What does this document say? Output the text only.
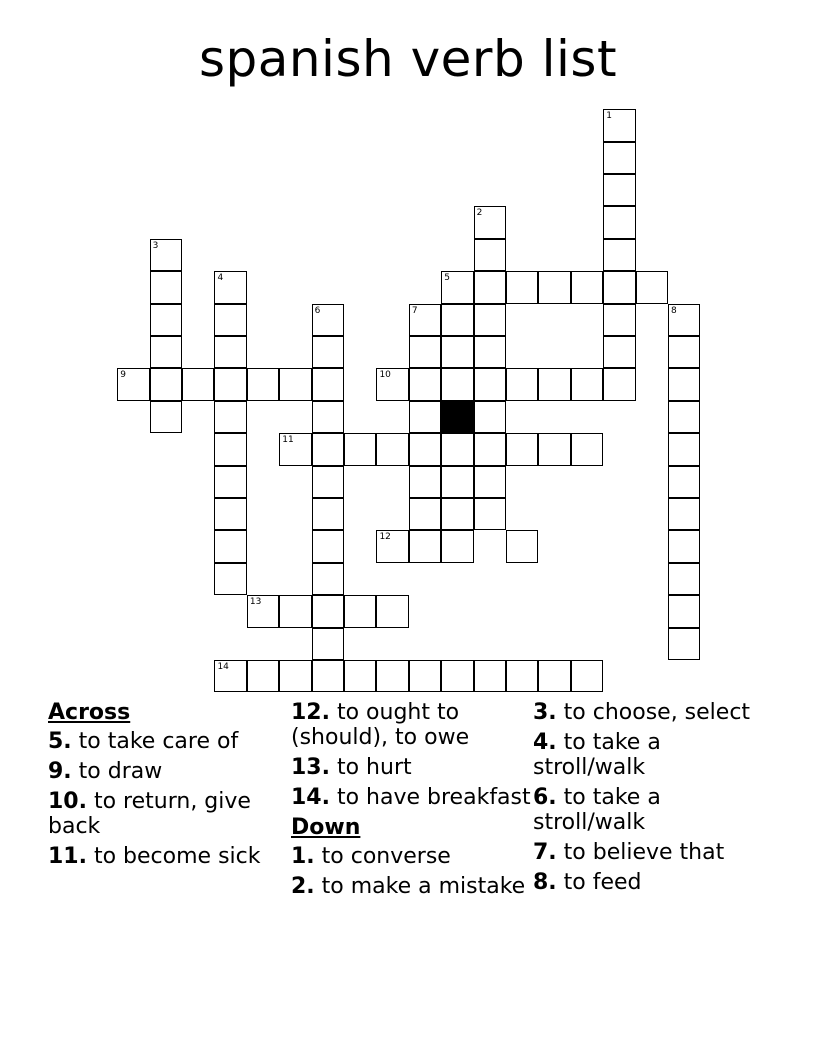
spanish verb list
1
2
3
4	5
6	7	8
9	10
11
12
13
14
Across
5. to take care of
9. to draw
10. to return, give back
11. to become sick
12. to ought to (should), to owe
13. to hurt
14. to have breakfast
Down
1. to converse
2. to make a mistake
3. to choose, select
4. to take a stroll/walk
6. to take a stroll/walk
7. to believe that
8. to feed
